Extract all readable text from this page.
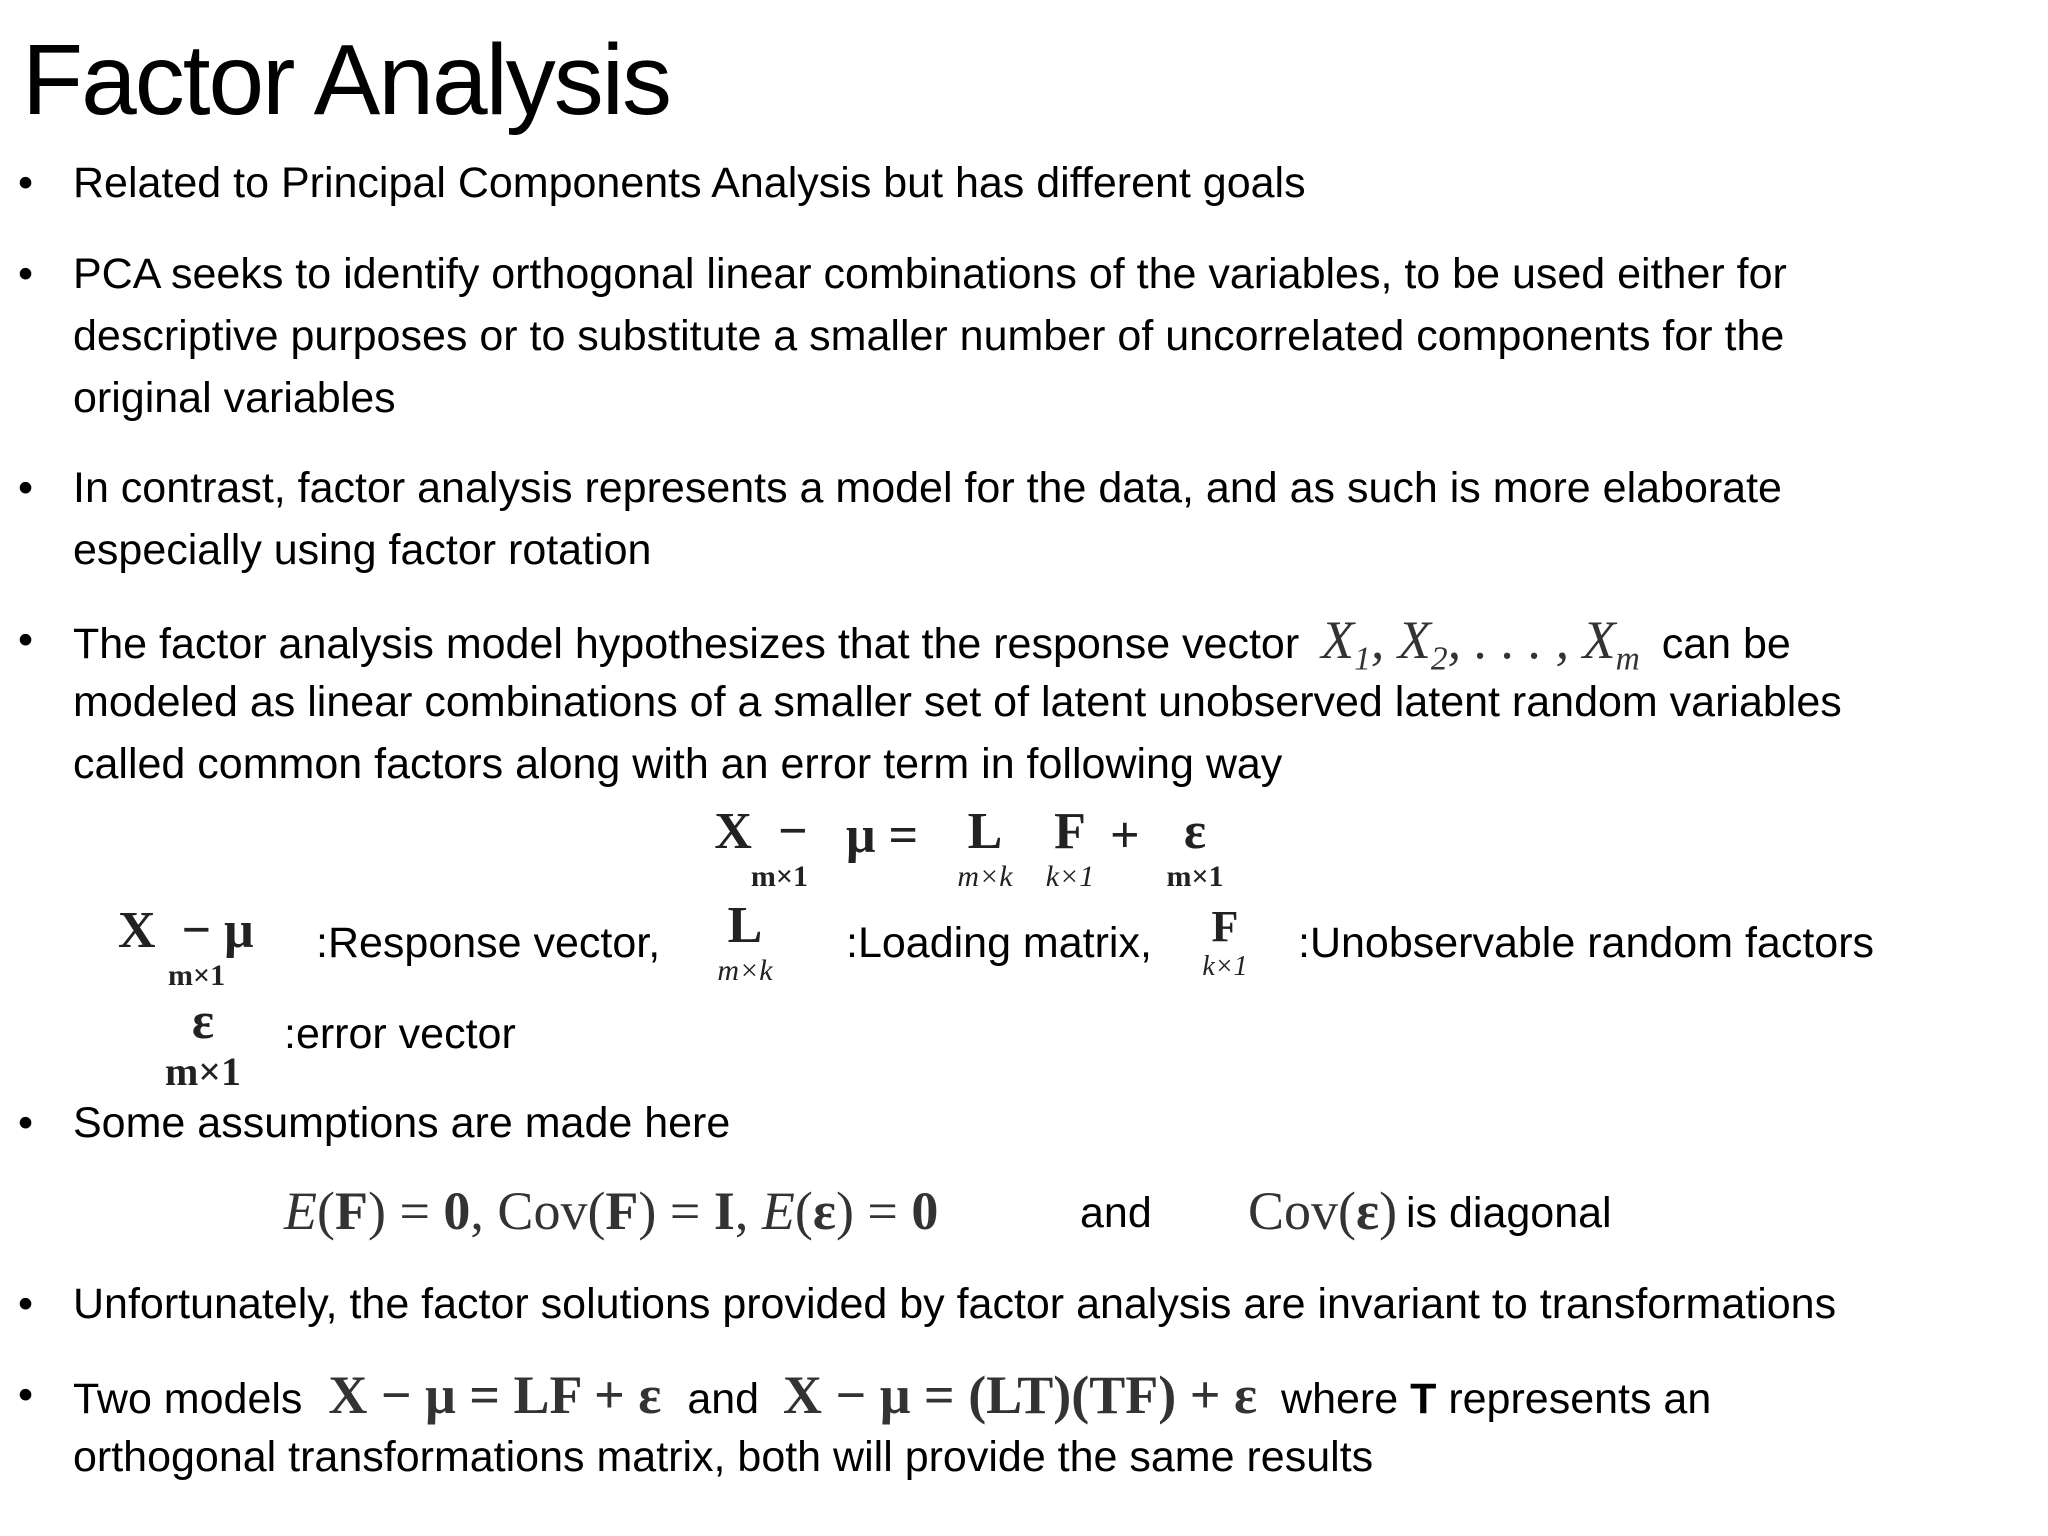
Factor Analysis
• Related to Principal Components Analysis but has different goals
• PCA seeks to identify orthogonal linear combinations of the variables, to be used either for
descriptive purposes or to substitute a smaller number of uncorrelated components for the
original variables
• In contrast, factor analysis represents a model for the data, and as such is more elaborate
especially using factor rotation
• The factor analysis model hypothesizes that the response vector $X_1$, $X_2$, . . . , $X_m$ can be
modeled as linear combinations of a smaller set of latent unobserved latent random variables
called common factors along with an error term in following way
X  −
m×1
μ = L
m×k
F
k×1
+ ε
m×1
X  − μ
m×1
:Response vector,	L
m×k
:Loading matrix,	F
k×1 :Unobservable random factors
ε
m×1
:error vector
• Some assumptions are made here
E(F) = 0, Cov(F) = I, E(ε) = 0	and Cov(ε) is diagonal
• Unfortunately, the factor solutions provided by factor analysis are invariant to transformations
• Two models X − μ = LF + ε and X − μ = (LT)(TF) + ε where T represents an
orthogonal transformations matrix, both will provide the same results
